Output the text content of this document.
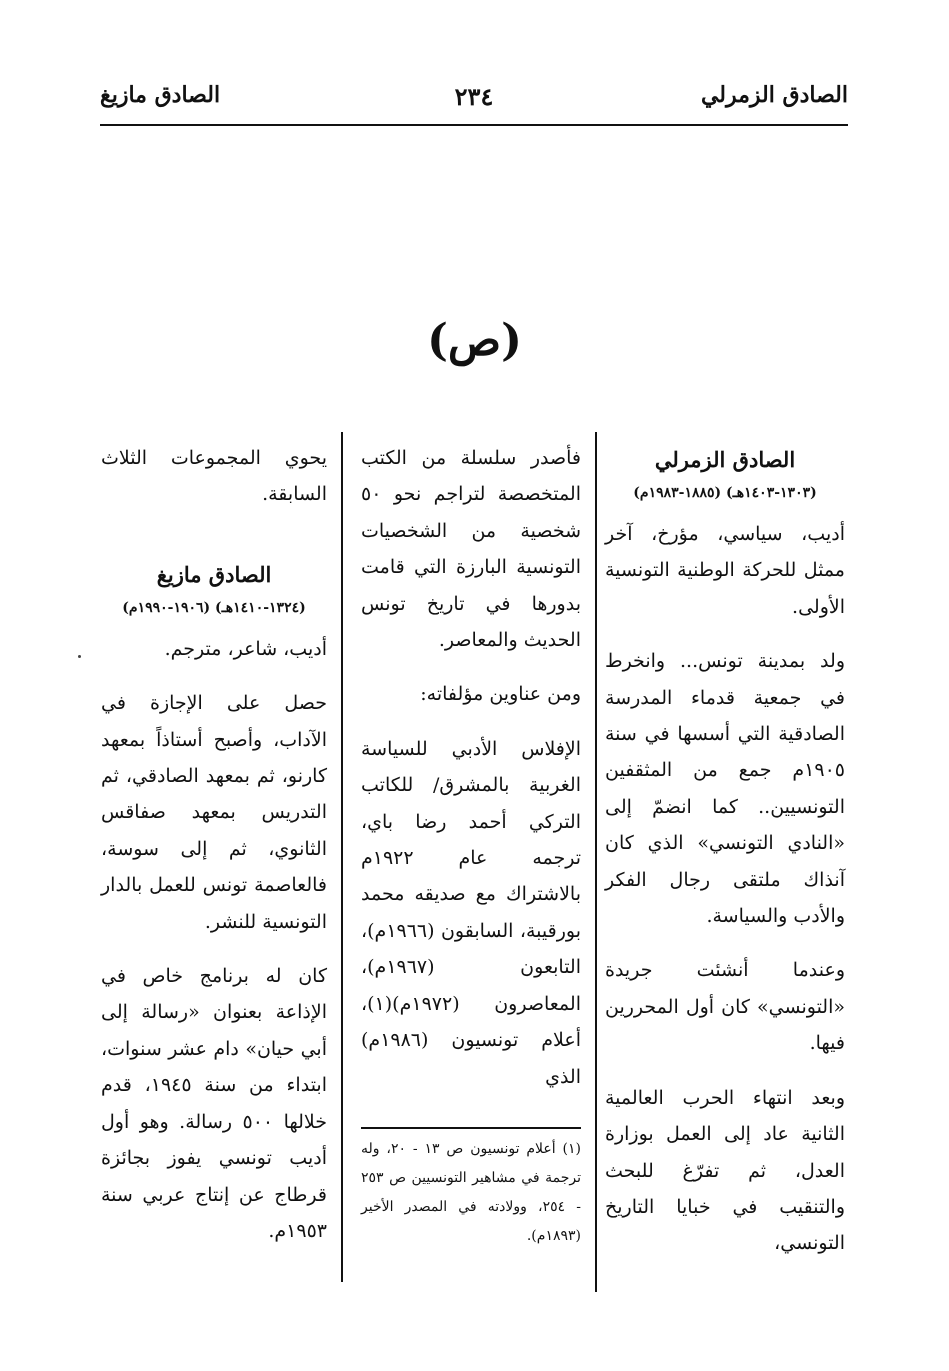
الصادق الزمرلي
٢٣٤
الصادق مازيغ
(ص)
الصادق الزمرلي
(١٣٠٣-١٤٠٣هـ) (١٨٨٥-١٩٨٣م)

أديب، سياسي، مؤرخ، آخر ممثل للحركة الوطنية التونسية الأولى.

ولد بمدينة تونس... وانخرط في جمعية قدماء المدرسة الصادقية التي أسسها في سنة ١٩٠٥م جمع من المثقفين التونسيين.. كما انضمّ إلى «النادي التونسي» الذي كان آنذاك ملتقى رجال الفكر والأدب والسياسة.

وعندما أنشئت جريدة «التونسي» كان أول المحررين فيها.

وبعد انتهاء الحرب العالمية الثانية عاد إلى العمل بوزارة العدل، ثم تفرّغ للبحث والتنقيب في خبايا التاريخ التونسي،

فأصدر سلسلة من الكتب المتخصصة لتراجم نحو ٥٠ شخصية من الشخصيات التونسية البارزة التي قامت بدورها في تاريخ تونس الحديث والمعاصر.

ومن عناوين مؤلفاته:

الإفلاس الأدبي للسياسة الغربية بالمشرق/ للكاتب التركي أحمد رضا باي، ترجمه عام ١٩٢٢م بالاشتراك مع صديقه محمد بورقيبة، السابقون (١٩٦٦م)، التابعون (١٩٦٧م)، المعاصرون (١٩٧٢م)(١)، أعلام تونسيون (١٩٨٦م) الذي

(١) أعلام تونسيون ص ١٣ - ٢٠، وله ترجمة في مشاهير التونسيين ص ٢٥٣ - ٢٥٤، وولادته في المصدر الأخير (١٨٩٣م).

يحوي المجموعات الثلاث السابقة.

الصادق مازيغ
(١٣٢٤-١٤١٠هـ) (١٩٠٦-١٩٩٠م)

أديب، شاعر، مترجم.

حصل على الإجازة في الآداب، وأصبح أستاذاً بمعهد كارنو، ثم بمعهد الصادقي، ثم التدريس بمعهد صفاقس الثانوي، ثم إلى سوسة، فالعاصمة تونس للعمل بالدار التونسية للنشر.

كان له برنامج خاص في الإذاعة بعنوان «رسالة إلى أبي حيان» دام عشر سنوات، ابتداء من سنة ١٩٤٥، قدم خلالها ٥٠٠ رسالة. وهو أول أديب تونسي يفوز بجائزة قرطاج عن إنتاج عربي سنة ١٩٥٣م.
